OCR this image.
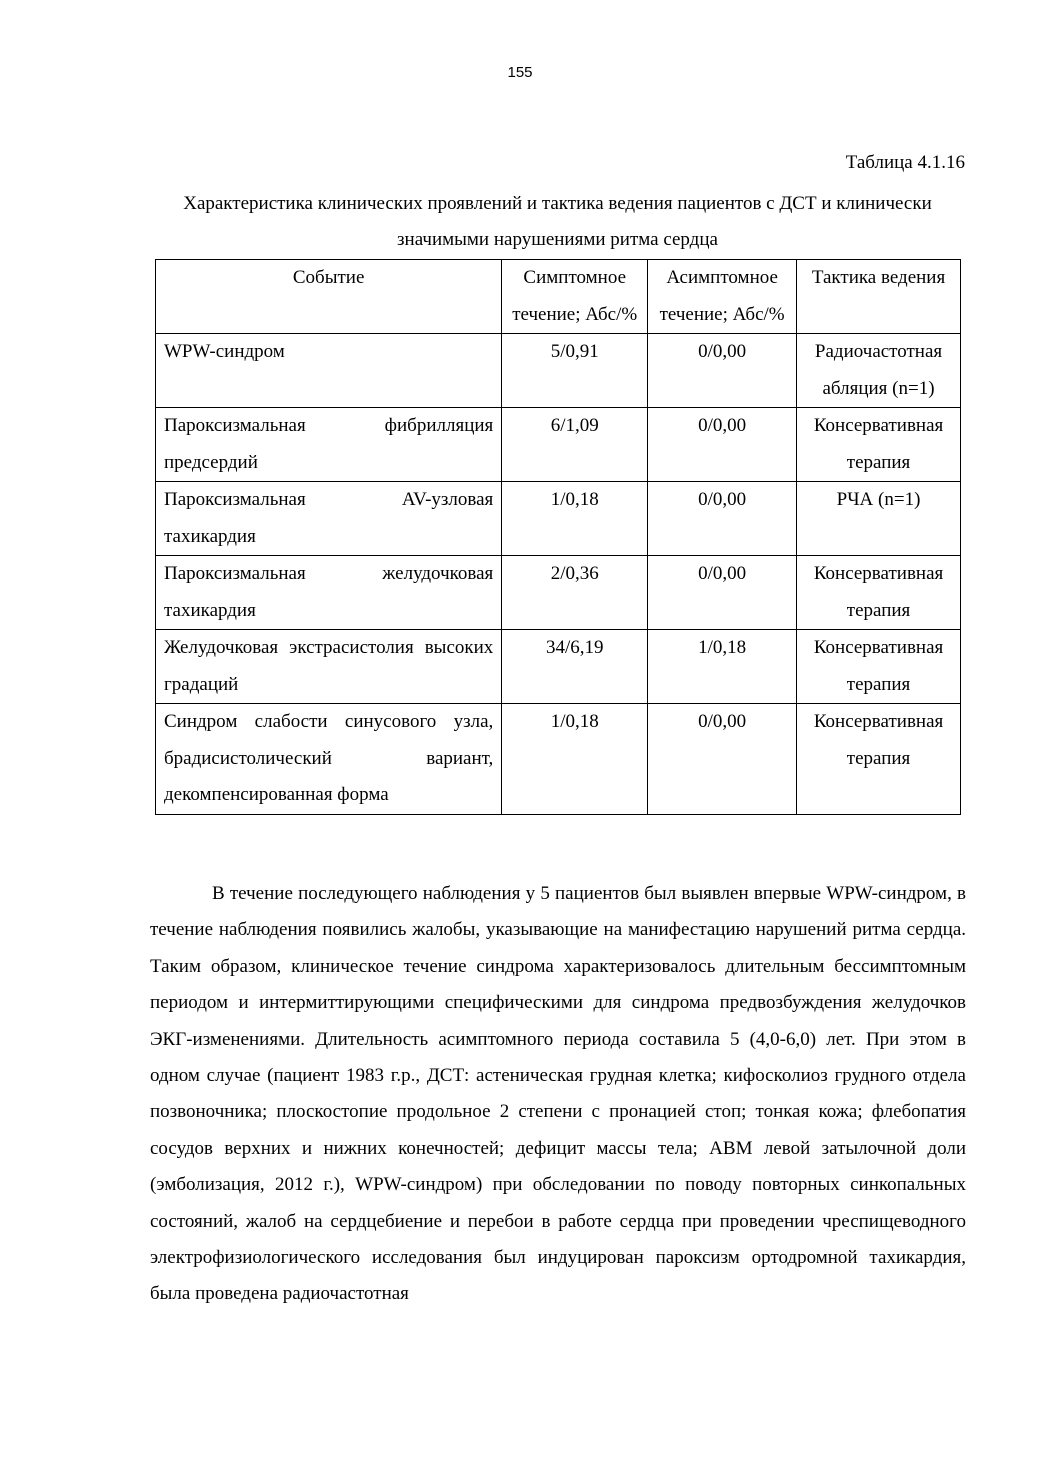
155
Таблица 4.1.16
Характеристика клинических проявлений и тактика ведения пациентов с ДСТ и клинически значимыми нарушениями ритма сердца
Событие	Симптомное течение; Абс/%	Асимптомное течение; Абс/%	Тактика ведения
WPW-синдром	5/0,91	0/0,00	Радиочастотная абляция (n=1)
Пароксизмальная фибрилляция предсердий	6/1,09	0/0,00	Консервативная терапия
Пароксизмальная AV-узловая тахикардия	1/0,18	0/0,00	РЧА (n=1)
Пароксизмальная желудочковая тахикардия	2/0,36	0/0,00	Консервативная терапия
Желудочковая экстрасистолия высоких градаций	34/6,19	1/0,18	Консервативная терапия
Синдром слабости синусового узла, брадисистолический вариант, декомпенсированная форма	1/0,18	0/0,00	Консервативная терапия

В течение последующего наблюдения у 5 пациентов был выявлен впервые WPW-синдром, в течение наблюдения появились жалобы, указывающие на манифестацию нарушений ритма сердца. Таким образом, клиническое течение синдрома характеризовалось длительным бессимптомным периодом и интермиттирующими специфическими для синдрома предвозбуждения желудочков ЭКГ-изменениями. Длительность асимптомного периода составила 5 (4,0-6,0) лет. При этом в одном случае (пациент 1983 г.р., ДСТ: астеническая грудная клетка; кифосколиоз грудного отдела позвоночника; плоскостопие продольное 2 степени с пронацией стоп; тонкая кожа; флебопатия сосудов верхних и нижних конечностей; дефицит массы тела; АВМ левой затылочной доли (эмболизация, 2012 г.), WPW-синдром) при обследовании по поводу повторных синкопальных состояний, жалоб на сердцебиение и перебои в работе сердца при проведении чреспищеводного электрофизиологического исследования был индуцирован пароксизм ортодромной тахикардия, была проведена радиочастотная
